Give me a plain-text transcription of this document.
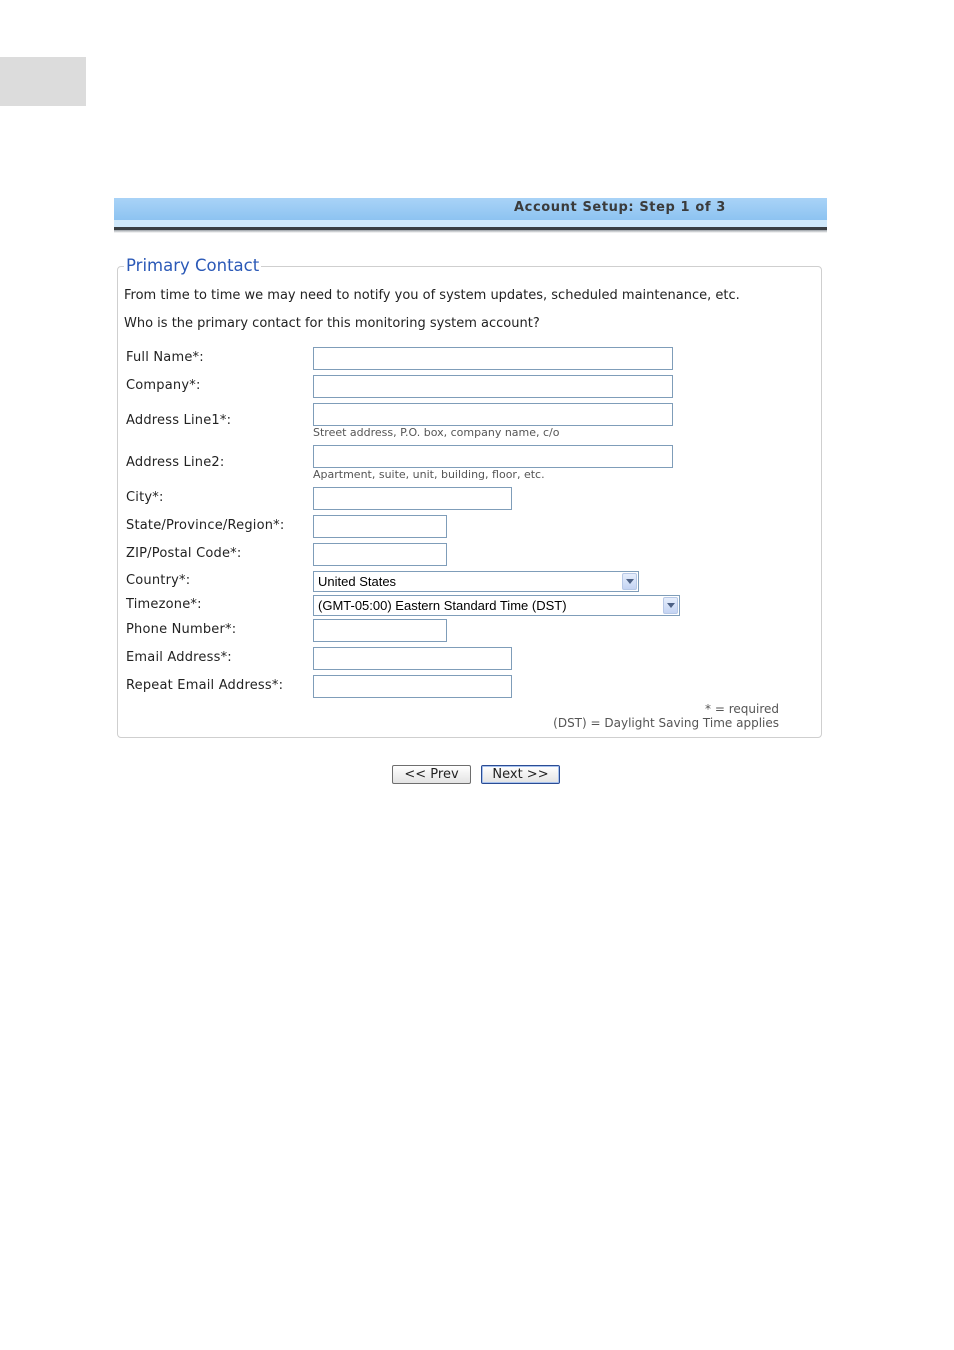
Account Setup: Step 1 of 3
Primary Contact
From time to time we may need to notify you of system updates, scheduled maintenance, etc.
Who is the primary contact for this monitoring system account?
Full Name*:
Company*:
Address Line1*:
Street address, P.O. box, company name, c/o
Address Line2:
Apartment, suite, unit, building, floor, etc.
City*:
State/Province/Region*:
ZIP/Postal Code*:
Country*:	United States
Timezone*:	(GMT-05:00) Eastern Standard Time (DST)
Phone Number*:
Email Address*:
Repeat Email Address*:
* = required
(DST) = Daylight Saving Time applies
<< Prev	Next >>
